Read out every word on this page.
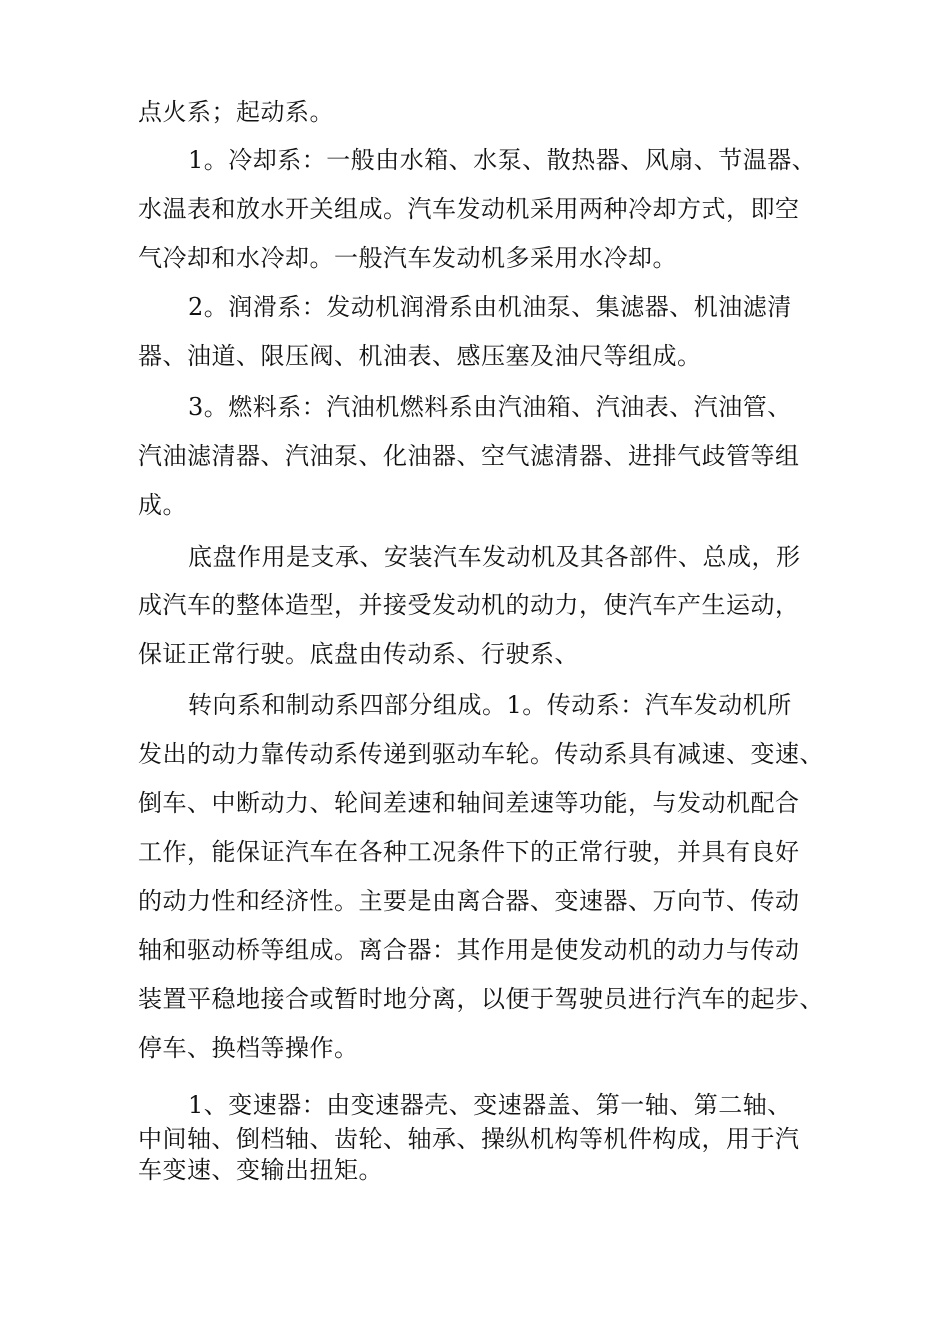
点火系；起动系。
1。冷却系：一般由水箱、水泵、散热器、风扇、节温器、
水温表和放水开关组成。汽车发动机采用两种冷却方式，即空
气冷却和水冷却。一般汽车发动机多采用水冷却。
2。润滑系：发动机润滑系由机油泵、集滤器、机油滤清
器、油道、限压阀、机油表、感压塞及油尺等组成。
3。燃料系：汽油机燃料系由汽油箱、汽油表、汽油管、
汽油滤清器、汽油泵、化油器、空气滤清器、进排气歧管等组
成。
底盘作用是支承、安装汽车发动机及其各部件、总成，形
成汽车的整体造型，并接受发动机的动力，使汽车产生运动，
保证正常行驶。底盘由传动系、行驶系、
转向系和制动系四部分组成。1。传动系：汽车发动机所
发出的动力靠传动系传递到驱动车轮。传动系具有减速、变速、
倒车、中断动力、轮间差速和轴间差速等功能，与发动机配合
工作，能保证汽车在各种工况条件下的正常行驶，并具有良好
的动力性和经济性。主要是由离合器、变速器、万向节、传动
轴和驱动桥等组成。离合器：其作用是使发动机的动力与传动
装置平稳地接合或暂时地分离，以便于驾驶员进行汽车的起步、
停车、换档等操作。
1、变速器：由变速器壳、变速器盖、第一轴、第二轴、
中间轴、倒档轴、齿轮、轴承、操纵机构等机件构成，用于汽
车变速、变输出扭矩。
